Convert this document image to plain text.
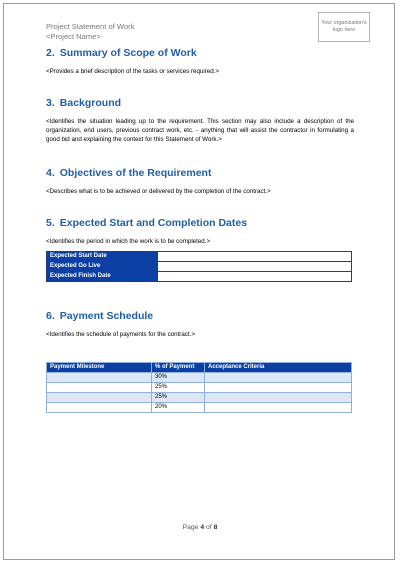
Project Statement of Work
<Project Name>
Your organization's logo here
2. Summary of Scope of Work

<Provides a brief description of the tasks or services required.>

3. Background

<Identifies the situation leading up to the requirement. This section may also include a description of the organization, end users, previous contract work, etc. - anything that will assist the contractor in formulating a good bid and explaining the context for this Statement of Work.>

4. Objectives of the Requirement

<Describes what is to be achieved or delivered by the completion of the contract.>

5. Expected Start and Completion Dates

<Identifies the period in which the work is to be completed.>

Expected Start Date	
Expected Go Live	
Expected Finish Date	
6. Payment Schedule

<Identifies the schedule of payments for the contract.>

Payment Milestone	% of Payment	Acceptance Criteria
	30%	
	25%	
	25%	
	20%	
Page 4 of 8
